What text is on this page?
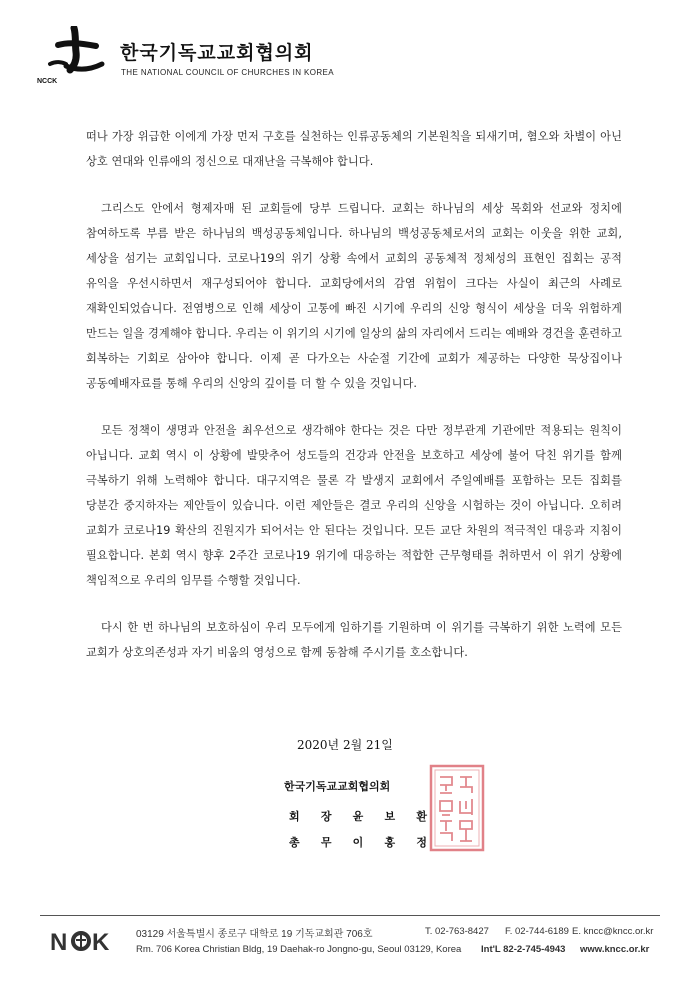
NCCK
한국기독교교회협의회
THE NATIONAL COUNCIL OF CHURCHES IN KOREA

떠나 가장 위급한 이에게 가장 먼저 구호를 실천하는 인류공동체의 기본원칙을 되새기며, 혐오와 차별이 아닌 상호 연대와 인류애의 정신으로 대재난을 극복해야 합니다.

그리스도 안에서 형제자매 된 교회들에 당부 드립니다. 교회는 하나님의 세상 목회와 선교와 정치에 참여하도록 부름 받은 하나님의 백성공동체입니다. 하나님의 백성공동체로서의 교회는 이웃을 위한 교회, 세상을 섬기는 교회입니다. 코로나19의 위기 상황 속에서 교회의 공동체적 정체성의 표현인 집회는 공적 유익을 우선시하면서 재구성되어야 합니다. 교회당에서의 감염 위험이 크다는 사실이 최근의 사례로 재확인되었습니다. 전염병으로 인해 세상이 고통에 빠진 시기에 우리의 신앙 형식이 세상을 더욱 위험하게 만드는 일을 경계해야 합니다. 우리는 이 위기의 시기에 일상의 삶의 자리에서 드리는 예배와 경건을 훈련하고 회복하는 기회로 삼아야 합니다. 이제 곧 다가오는 사순절 기간에 교회가 제공하는 다양한 묵상집이나 공동예배자료를 통해 우리의 신앙의 깊이를 더 할 수 있을 것입니다.

모든 정책이 생명과 안전을 최우선으로 생각해야 한다는 것은 다만 정부관계 기관에만 적용되는 원칙이 아닙니다. 교회 역시 이 상황에 발맞추어 성도들의 건강과 안전을 보호하고 세상에 불어 닥친 위기를 함께 극복하기 위해 노력해야 합니다. 대구지역은 물론 각 발생지 교회에서 주일예배를 포함하는 모든 집회를 당분간 중지하자는 제안들이 있습니다. 이런 제안들은 결코 우리의 신앙을 시험하는 것이 아닙니다. 오히려 교회가 코로나19 확산의 진원지가 되어서는 안 된다는 것입니다. 모든 교단 차원의 적극적인 대응과 지침이 필요합니다. 본회 역시 향후 2주간 코로나19 위기에 대응하는 적합한 근무형태를 취하면서 이 위기 상황에 책임적으로 우리의 임무를 수행할 것입니다.

다시 한 번 하나님의 보호하심이 우리 모두에게 임하기를 기원하며 이 위기를 극복하기 위한 노력에 모든 교회가 상호의존성과 자기 비움의 영성으로 함께 동참해 주시기를 호소합니다.

2020년 2월 21일
한국기독교교회협의회
회 장 윤 보 환
총 무 이 홍 정
N K	03129 서울특별시 종로구 대학로 19 기독교회관 706호
Rm. 706 Korea Christian Bldg, 19 Daehak-ro Jongno-gu, Seoul 03129, Korea
T. 02-763-8427 F. 02-744-6189 E. kncc@kncc.or.kr
Int'L 82-2-745-4943 www.kncc.or.kr
